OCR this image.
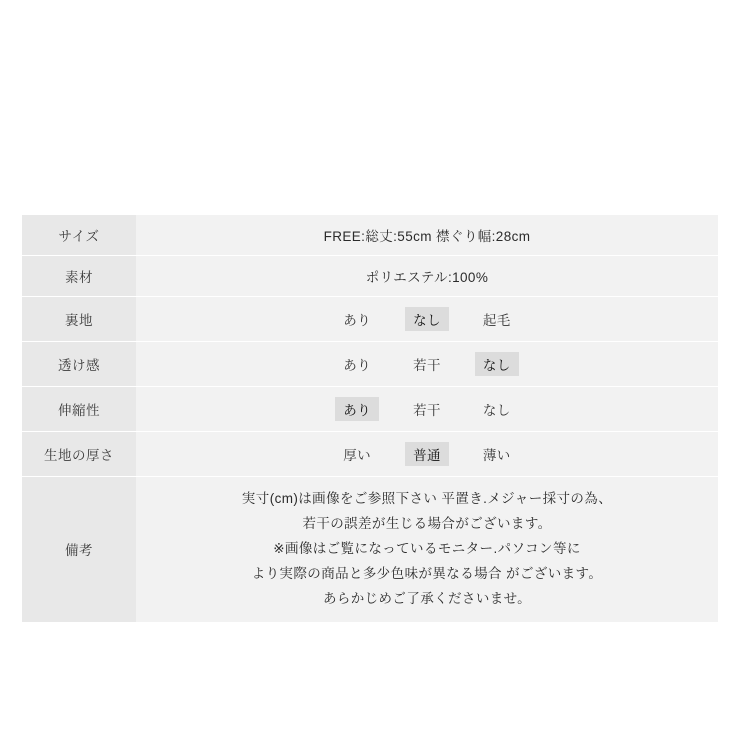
サイズ	FREE:総丈:55cm 襟ぐり幅:28cm
素材	ポリエステル:100%
裏地	あり なし 起毛

透け感	あり 若干 なし

伸縮性	あり 若干 なし

生地の厚さ	厚い 普通 薄い

備考	実寸(cm)は画像をご参照下さい 平置き.メジャー採寸の為、
若干の誤差が生じる場合がございます。
※画像はご覧になっているモニター.パソコン等に
より実際の商品と多少色味が異なる場合 がございます。
あらかじめご了承くださいませ。
